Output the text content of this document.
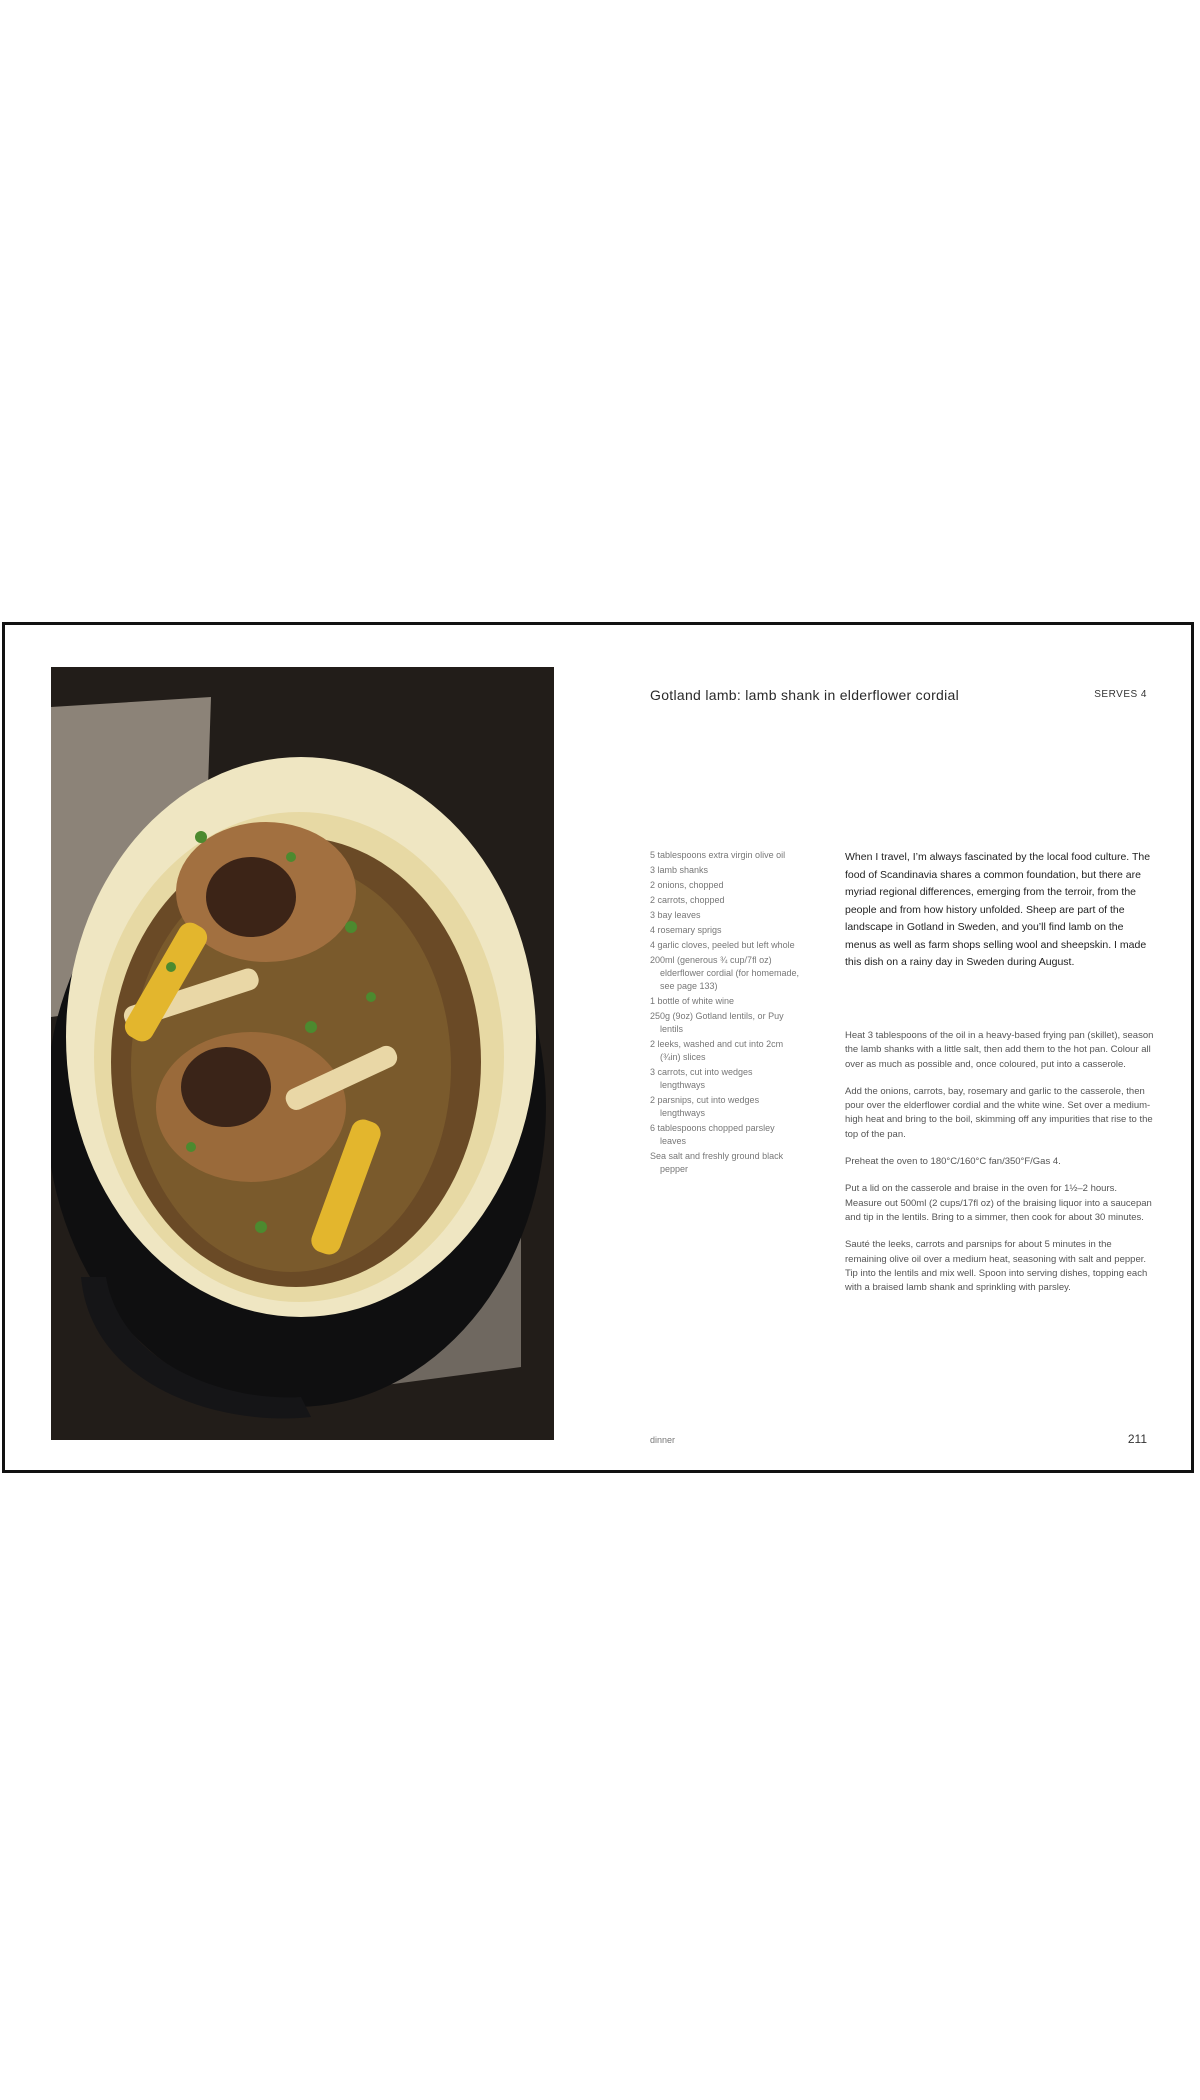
Gotland lamb: lamb shank in elderflower cordial	SERVES 4
5 tablespoons extra virgin olive oil
3 lamb shanks
2 onions, chopped
2 carrots, chopped
3 bay leaves
4 rosemary sprigs
4 garlic cloves, peeled but left whole
200ml (generous ¾ cup/7fl oz) elderflower cordial (for homemade, see page 133)
1 bottle of white wine
250g (9oz) Gotland lentils, or Puy lentils
2 leeks, washed and cut into 2cm (¾in) slices
3 carrots, cut into wedges lengthways
2 parsnips, cut into wedges lengthways
6 tablespoons chopped parsley leaves
Sea salt and freshly ground black pepper

When I travel, I’m always fascinated by the local food culture. The food of Scandinavia shares a common foundation, but there are myriad regional differences, emerging from the terroir, from the people and from how history unfolded. Sheep are part of the landscape in Gotland in Sweden, and you’ll find lamb on the menus as well as farm shops selling wool and sheepskin. I made this dish on a rainy day in Sweden during August.

Heat 3 tablespoons of the oil in a heavy-based frying pan (skillet), season the lamb shanks with a little salt, then add them to the hot pan. Colour all over as much as possible and, once coloured, put into a casserole.

Add the onions, carrots, bay, rosemary and garlic to the casserole, then pour over the elderflower cordial and the white wine. Set over a medium-high heat and bring to the boil, skimming off any impurities that rise to the top of the pan.

Preheat the oven to 180°C/160°C fan/350°F/Gas 4.

Put a lid on the casserole and braise in the oven for 1½–2 hours. Measure out 500ml (2 cups/17fl oz) of the braising liquor into a saucepan and tip in the lentils. Bring to a simmer, then cook for about 30 minutes.

Sauté the leeks, carrots and parsnips for about 5 minutes in the remaining olive oil over a medium heat, seasoning with salt and pepper. Tip into the lentils and mix well. Spoon into serving dishes, topping each with a braised lamb shank and sprinkling with parsley.

dinner	211
